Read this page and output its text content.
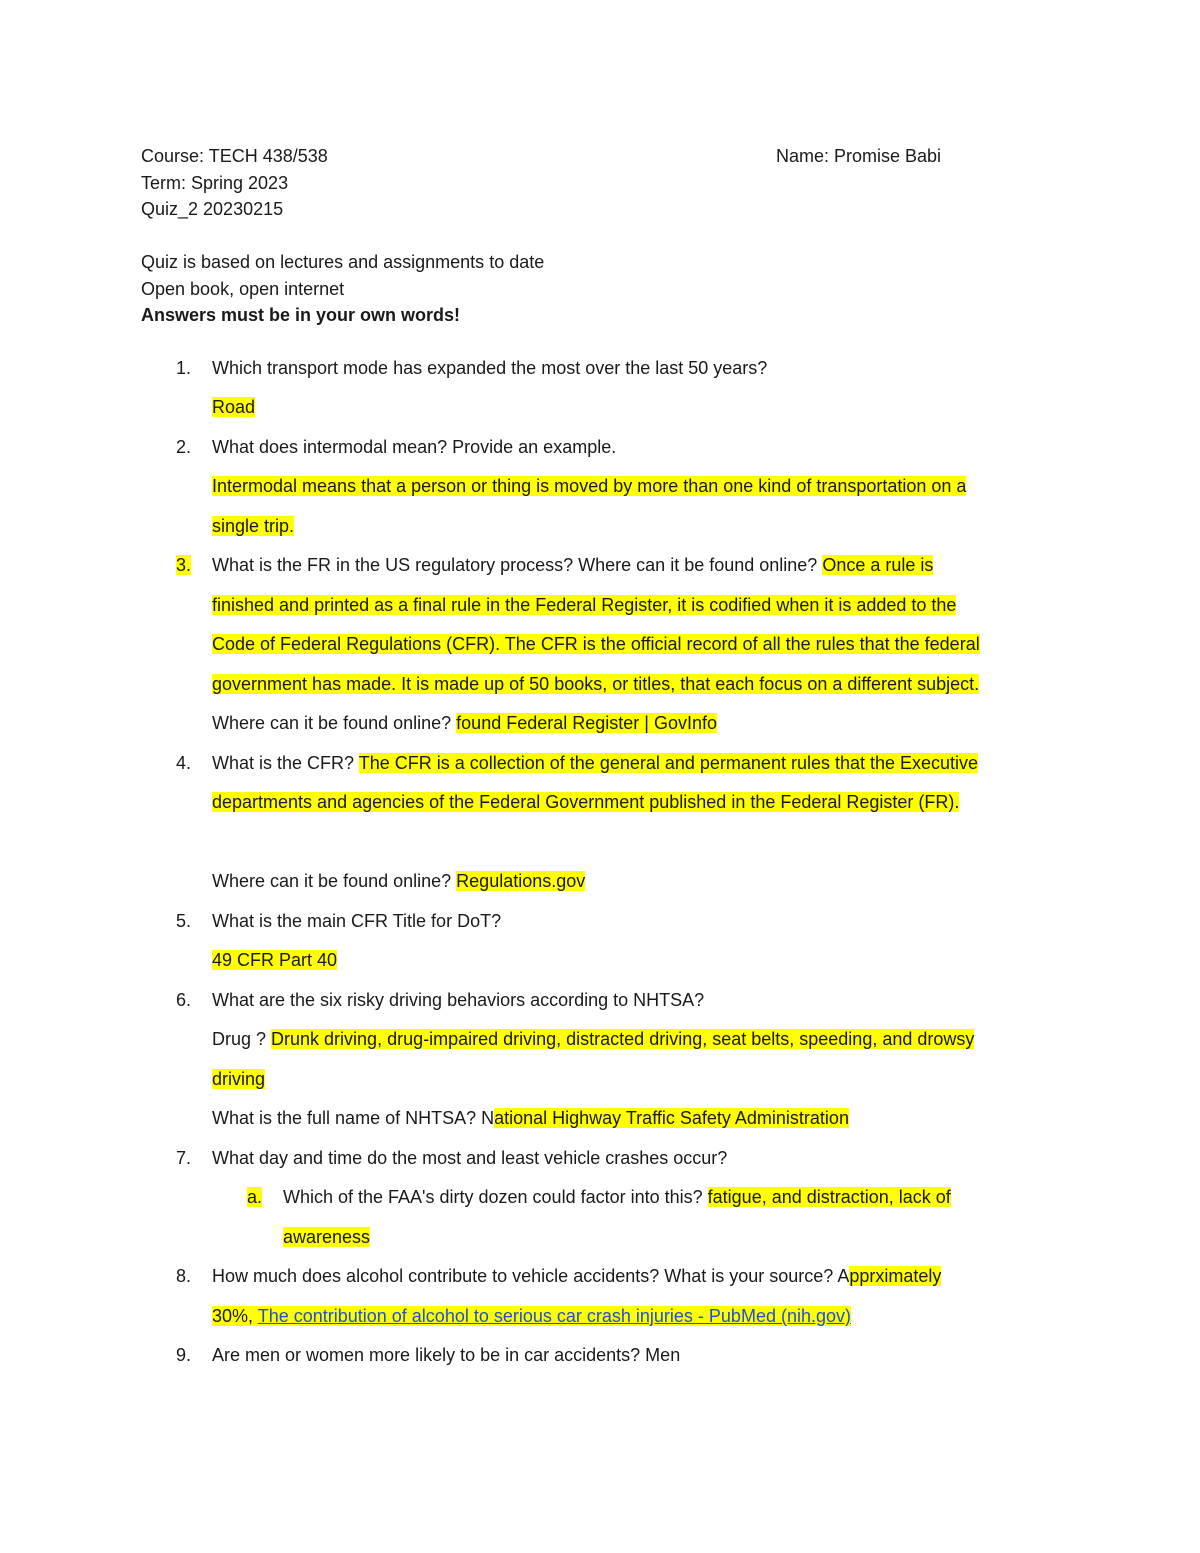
Course: TECH 438/538	Name: Promise Babi
Term: Spring 2023
Quiz_2 20230215
Quiz is based on lectures and assignments to date
Open book, open internet
Answers must be in your own words!
1. Which transport mode has expanded the most over the last 50 years?
Road
2. What does intermodal mean? Provide an example.
Intermodal means that a person or thing is moved by more than one kind of transportation on a
single trip.
3. What is the FR in the US regulatory process? Where can it be found online? Once a rule is
finished and printed as a final rule in the Federal Register, it is codified when it is added to the
Code of Federal Regulations (CFR). The CFR is the official record of all the rules that the federal
government has made. It is made up of 50 books, or titles, that each focus on a different subject.
Where can it be found online? found Federal Register | GovInfo
4. What is the CFR? The CFR is a collection of the general and permanent rules that the Executive
departments and agencies of the Federal Government published in the Federal Register (FR).
Where can it be found online? Regulations.gov
5. What is the main CFR Title for DoT?
49 CFR Part 40
6. What are the six risky driving behaviors according to NHTSA?
Drug ? Drunk driving, drug-impaired driving, distracted driving, seat belts, speeding, and drowsy
driving
What is the full name of NHTSA? National Highway Traffic Safety Administration
7. What day and time do the most and least vehicle crashes occur?
a. Which of the FAA's dirty dozen could factor into this? fatigue, and distraction, lack of
awareness
8. How much does alcohol contribute to vehicle accidents? What is your source? Apprximately
30%, The contribution of alcohol to serious car crash injuries - PubMed (nih.gov)
9. Are men or women more likely to be in car accidents? Men
